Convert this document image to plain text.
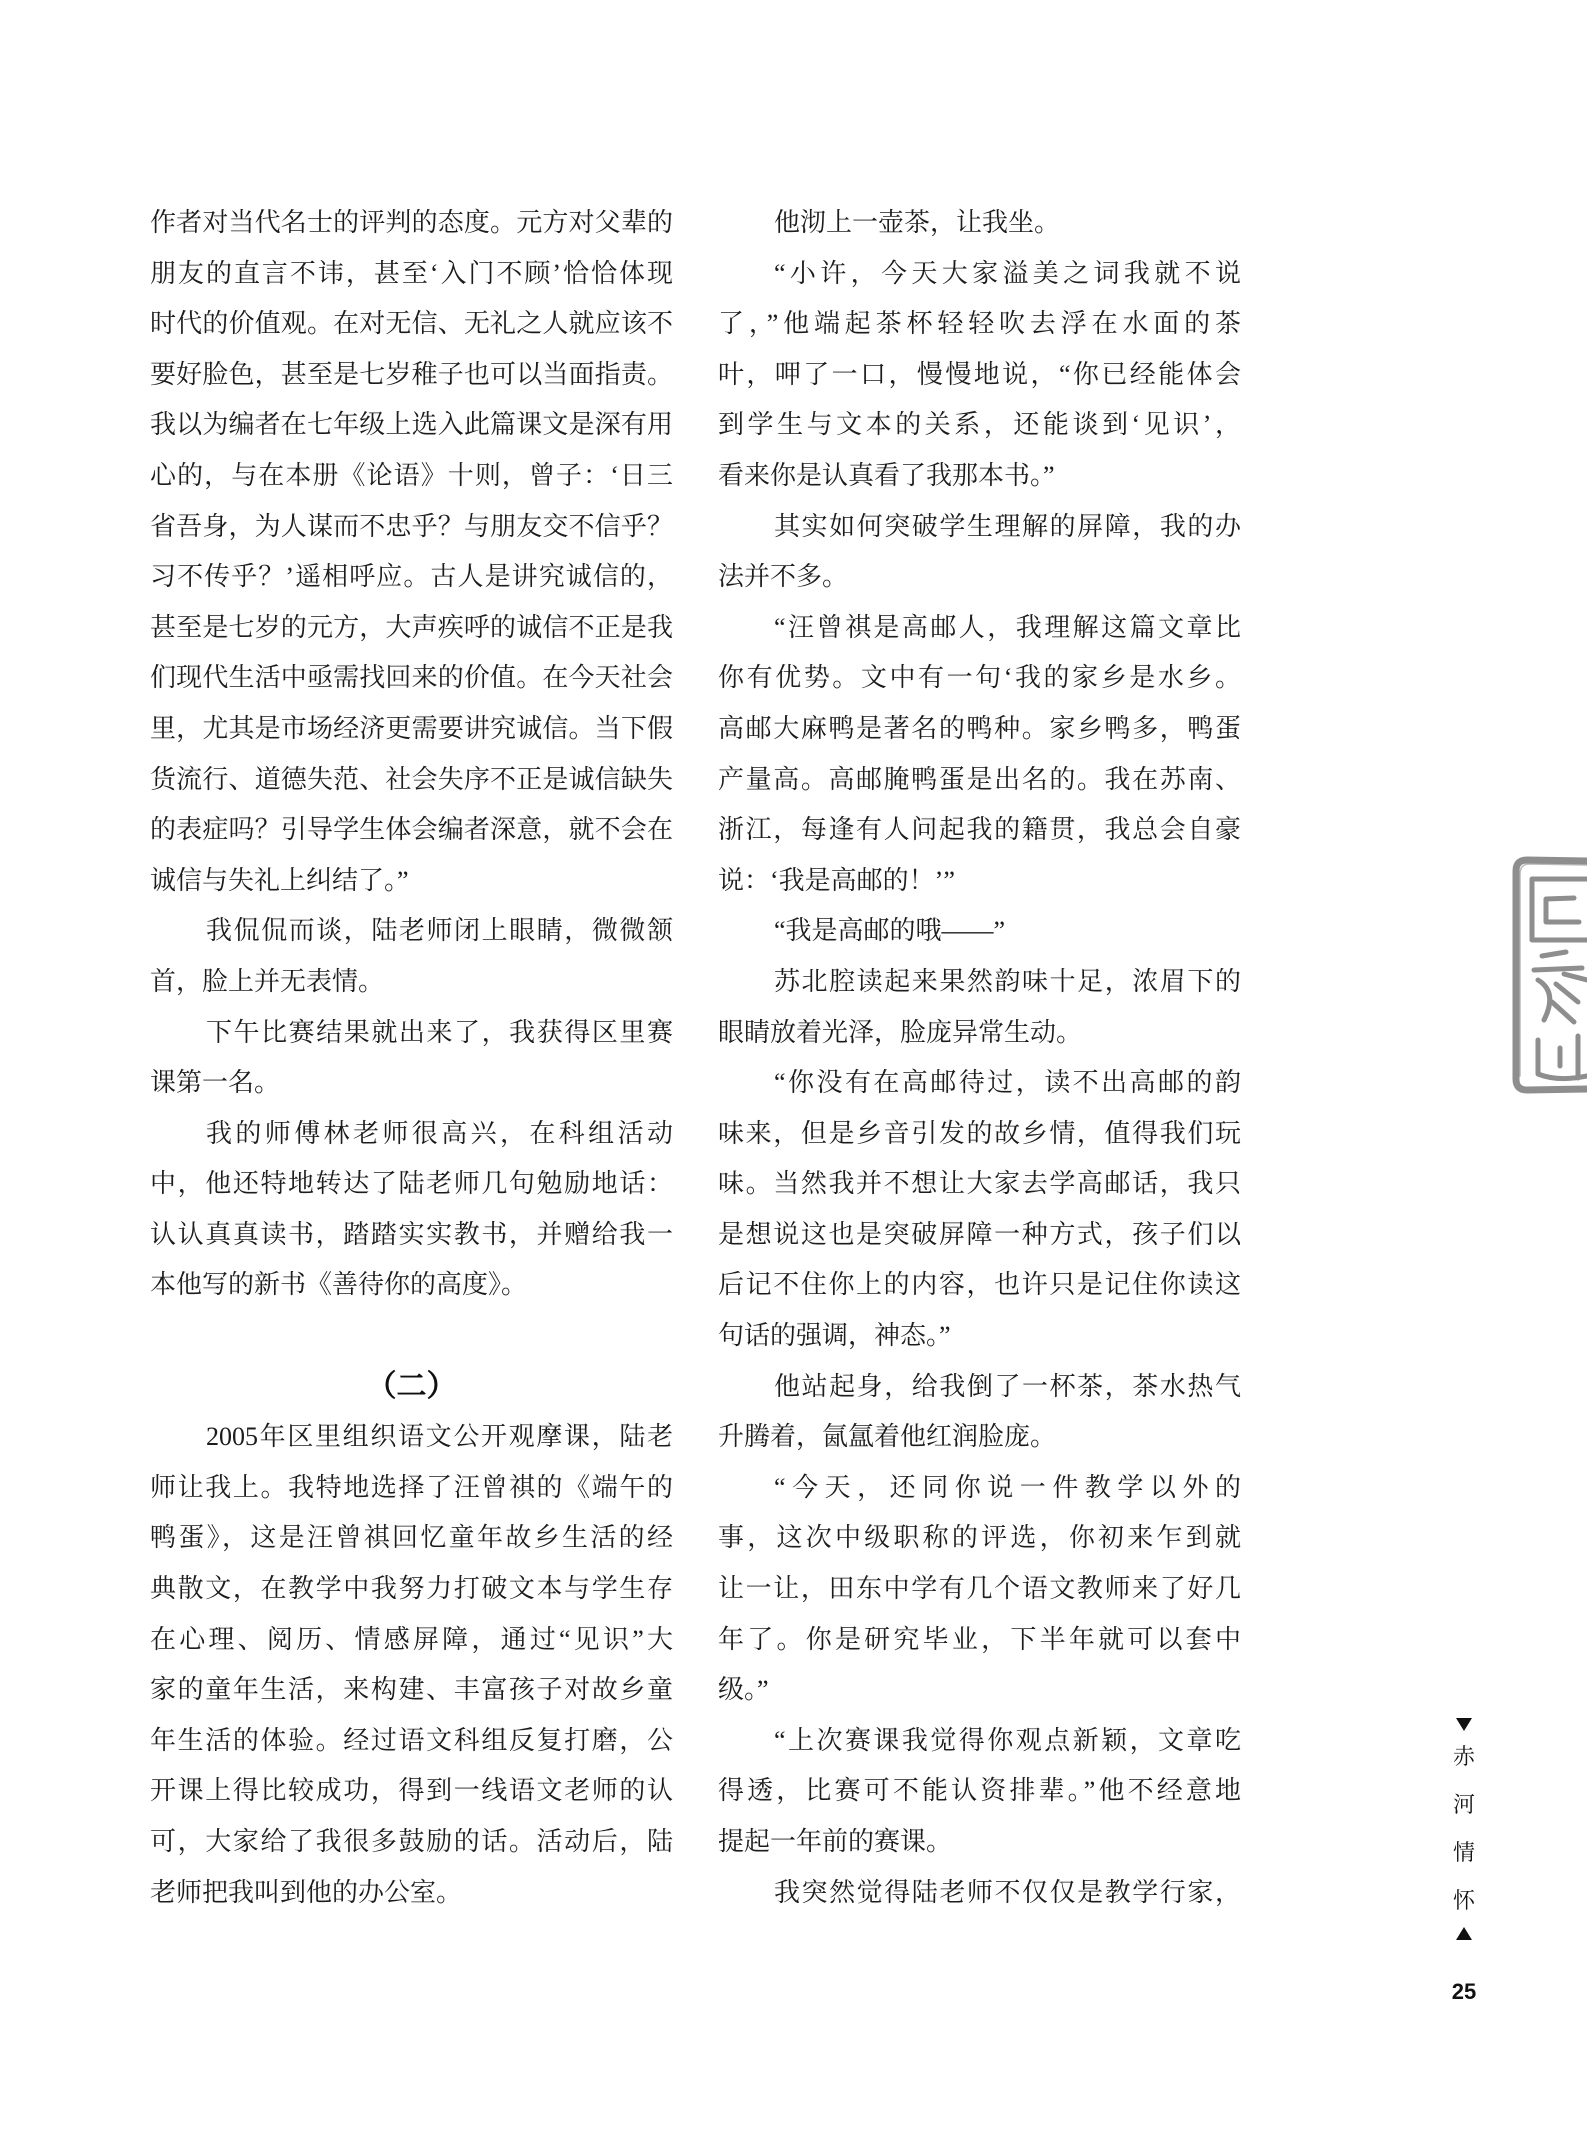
作者对当代名士的评判的态度。元方对父辈的
朋友的直言不讳，甚至‘入门不顾’恰恰体现
时代的价值观。在对无信、无礼之人就应该不
要好脸色，甚至是七岁稚子也可以当面指责。
我以为编者在七年级上选入此篇课文是深有用
心的，与在本册《论语》十则，曾子：‘日三
省吾身，为人谋而不忠乎？与朋友交不信乎？
习不传乎？’遥相呼应。古人是讲究诚信的，
甚至是七岁的元方，大声疾呼的诚信不正是我
们现代生活中亟需找回来的价值。在今天社会
里，尤其是市场经济更需要讲究诚信。当下假
货流行、道德失范、社会失序不正是诚信缺失
的表症吗？引导学生体会编者深意，就不会在
诚信与失礼上纠结了。”
我侃侃而谈，陆老师闭上眼睛，微微颔
首，脸上并无表情。
下午比赛结果就出来了，我获得区里赛
课第一名。
我的师傅林老师很高兴，在科组活动
中，他还特地转达了陆老师几句勉励地话：
认认真真读书，踏踏实实教书，并赠给我一
本他写的新书《善待你的高度》。
（二）
2005年区里组织语文公开观摩课，陆老
师让我上。我特地选择了汪曾祺的《端午的
鸭蛋》，这是汪曾祺回忆童年故乡生活的经
典散文，在教学中我努力打破文本与学生存
在心理、阅历、情感屏障，通过“见识”大
家的童年生活，来构建、丰富孩子对故乡童
年生活的体验。经过语文科组反复打磨，公
开课上得比较成功，得到一线语文老师的认
可，大家给了我很多鼓励的话。活动后，陆
老师把我叫到他的办公室。
他沏上一壶茶，让我坐。
“小许，今天大家溢美之词我就不说
了，”他端起茶杯轻轻吹去浮在水面的茶
叶，呷了一口，慢慢地说，“你已经能体会
到学生与文本的关系，还能谈到‘见识’，
看来你是认真看了我那本书。”
其实如何突破学生理解的屏障，我的办
法并不多。
“汪曾祺是高邮人，我理解这篇文章比
你有优势。文中有一句‘我的家乡是水乡。
高邮大麻鸭是著名的鸭种。家乡鸭多，鸭蛋
产量高。高邮腌鸭蛋是出名的。我在苏南、
浙江，每逢有人问起我的籍贯，我总会自豪
说：‘我是高邮的！’”
“我是高邮的哦——”
苏北腔读起来果然韵味十足，浓眉下的
眼睛放着光泽，脸庞异常生动。
“你没有在高邮待过，读不出高邮的韵
味来，但是乡音引发的故乡情，值得我们玩
味。当然我并不想让大家去学高邮话，我只
是想说这也是突破屏障一种方式，孩子们以
后记不住你上的内容，也许只是记住你读这
句话的强调，神态。”
他站起身，给我倒了一杯茶，茶水热气
升腾着，氤氲着他红润脸庞。
“今天，还同你说一件教学以外的
事，这次中级职称的评选，你初来乍到就
让一让，田东中学有几个语文教师来了好几
年了。你是研究毕业，下半年就可以套中
级。”
“上次赛课我觉得你观点新颖，文章吃
得透，比赛可不能认资排辈。”他不经意地
提起一年前的赛课。
我突然觉得陆老师不仅仅是教学行家，
赤河情怀
25
